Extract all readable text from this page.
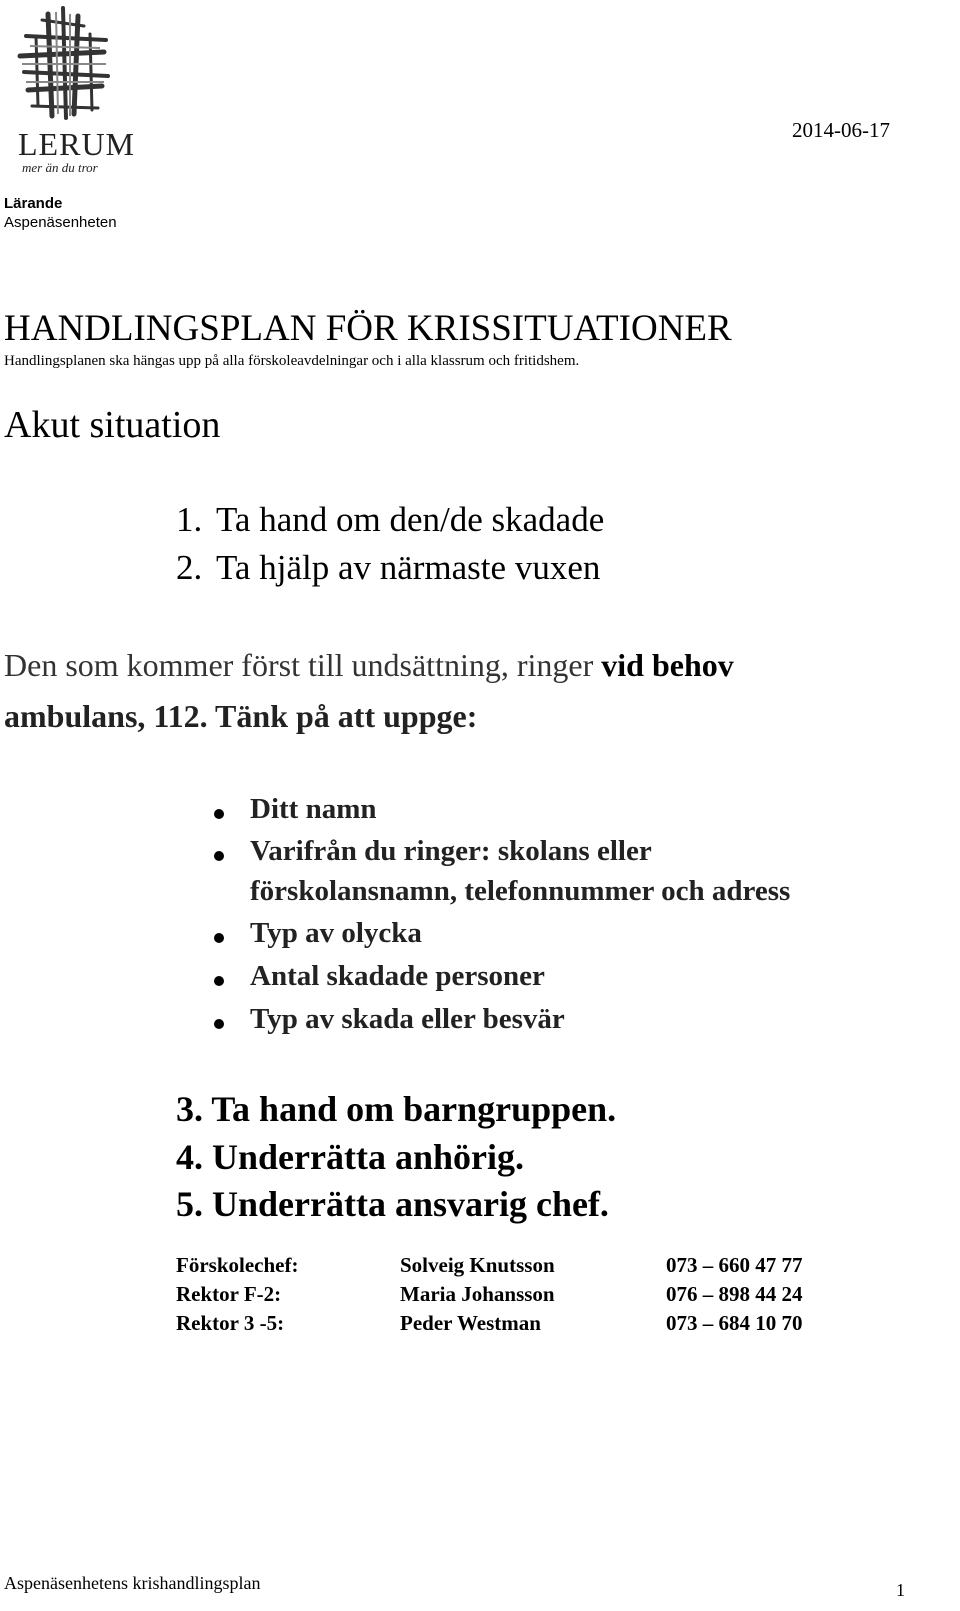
LERUM
mer än du tror
2014-06-17
Lärande
Aspenäsenheten
HANDLINGSPLAN FÖR KRISSITUATIONER
Handlingsplanen ska hängas upp på alla förskoleavdelningar och i alla klassrum och fritidshem.
Akut situation
1. Ta hand om den/de skadade
2. Ta hjälp av närmaste vuxen
Den som kommer först till undsättning, ringer vid behov
ambulans, 112. Tänk på att uppge:
Ditt namn
Varifrån du ringer: skolans eller
förskolansnamn, telefonnummer och adress
Typ av olycka
Antal skadade personer
Typ av skada eller besvär
3. Ta hand om barngruppen.
4. Underrätta anhörig.
5. Underrätta ansvarig chef.
Förskolechef:	Solveig Knutsson	073 – 660 47 77
Rektor F-2:	Maria Johansson	076 – 898 44 24
Rektor 3 -5:	Peder Westman	073 – 684 10 70
Aspenäsenhetens krishandlingsplan	1
